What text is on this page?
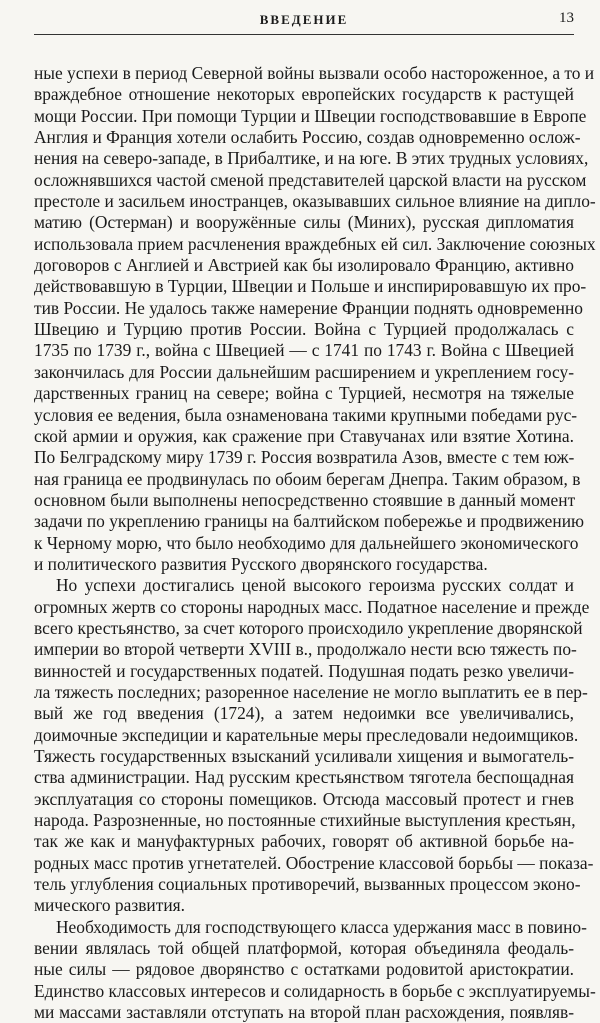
ВВЕДЕНИЕ	13
ные успехи в период Северной войны вызвали особо настороженное, а то и
враждебное отношение некоторых европейских государств к растущей
мощи России. При помощи Турции и Швеции господствовавшие в Европе
Англия и Франция хотели ослабить Россию, создав одновременно ослож-
нения на северо-западе, в Прибалтике, и на юге. В этих трудных условиях,
осложнявшихся частой сменой представителей царской власти на русском
престоле и засильем иностранцев, оказывавших сильное влияние на дипло-
матию (Остерман) и вооружённые силы (Миних), русская дипломатия
использовала прием расчленения враждебных ей сил. Заключение союзных
договоров с Англией и Австрией как бы изолировало Францию, активно
действовавшую в Турции, Швеции и Польше и инспирировавшую их про-
тив России. Не удалось также намерение Франции поднять одновременно
Швецию и Турцию против России. Война с Турцией продолжалась с
1735 по 1739 г., война с Швецией — с 1741 по 1743 г. Война с Швецией
закончилась для России дальнейшим расширением и укреплением госу-
дарственных границ на севере; война с Турцией, несмотря на тяжелые
условия ее ведения, была ознаменована такими крупными победами рус-
ской армии и оружия, как сражение при Ставучанах или взятие Хотина.
По Белградскому миру 1739 г. Россия возвратила Азов, вместе с тем юж-
ная граница ее продвинулась по обоим берегам Днепра. Таким образом, в
основном были выполнены непосредственно стоявшие в данный момент
задачи по укреплению границы на балтийском побережье и продвижению
к Черному морю, что было необходимо для дальнейшего экономического
и политического развития Русского дворянского государства.
Но успехи достигались ценой высокого героизма русских солдат и
огромных жертв со стороны народных масс. Податное население и прежде
всего крестьянство, за счет которого происходило укрепление дворянской
империи во второй четверти XVIII в., продолжало нести всю тяжесть по-
винностей и государственных податей. Подушная подать резко увеличи-
ла тяжесть последних; разоренное население не могло выплатить ее в пер-
вый же год введения (1724), а затем недоимки все увеличивались,
доимочные экспедиции и карательные меры преследовали недоимщиков.
Тяжесть государственных взысканий усиливали хищения и вымогатель-
ства администрации. Над русским крестьянством тяготела беспощадная
эксплуатация со стороны помещиков. Отсюда массовый протест и гнев
народа. Разрозненные, но постоянные стихийные выступления крестьян,
так же как и мануфактурных рабочих, говорят об активной борьбе на-
родных масс против угнетателей. Обострение классовой борьбы — показа-
тель углубления социальных противоречий, вызванных процессом эконо-
мического развития.
Необходимость для господствующего класса удержания масс в повино-
вении являлась той общей платформой, которая объединяла феодаль-
ные силы — рядовое дворянство с остатками родовитой аристократии.
Единство классовых интересов и солидарность в борьбе с эксплуатируемы-
ми массами заставляли отступать на второй план расхождения, появляв-
